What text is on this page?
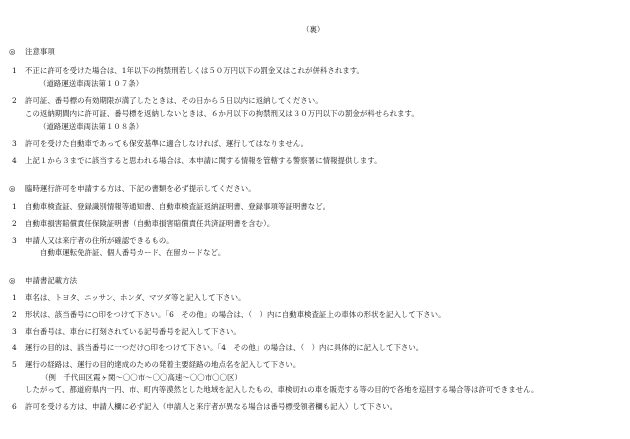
（裏）
◎ 注意事項
1 不正に許可を受けた場合は、1年以下の拘禁刑若しくは５０万円以下の罰金又はこれが併科されます。
（道路運送車両法第１０７条）
2 許可証、番号標の有効期限が満了したときは、その日から５日以内に返納してください。
この返納期間内に許可証、番号標を返納しないときは、６か月以下の拘禁刑又は３０万円以下の罰金が科せられます。
（道路運送車両法第１０８条）
3 許可を受けた自動車であっても保安基準に適合しなければ、運行してはなりません。
4 上記１から３までに該当すると思われる場合は、本申請に関する情報を管轄する警察署に情報提供します。
◎ 臨時運行許可を申請する方は、下記の書類を必ず提示してください。
1 自動車検査証、登録識別情報等通知書、自動車検査証返納証明書、登録事項等証明書など。
2 自動車損害賠償責任保険証明書（自動車損害賠償責任共済証明書を含む）。
3 申請人又は来庁者の住所が確認できるもの。
自動車運転免許証、個人番号カード、在留カードなど。
◎ 申請書記載方法
1 車名は、トヨタ、ニッサン、ホンダ、マツダ等と記入して下さい。
2 形状は、該当番号に○印をつけて下さい。「6　その他」の場合は、（　）内に自動車検査証上の車体の形状を記入して下さい。
3 車台番号は、車台に打刻されている記号番号を記入して下さい。
4 運行の目的は、該当番号に一つだけ○印をつけて下さい。「4　その他」の場合は、（　）内に具体的に記入して下さい。
5 運行の経路は、運行の目的達成のための発着主要経路の地点名を記入して下さい。
（例　千代田区霞ヶ関～〇〇市～〇〇高速～〇〇市〇〇区）
したがって、都道府県内一円、市、町内等漠然とした地域を記入したもの、車検切れの車を販売する等の目的で各地を巡回する場合等は許可できません。
6 許可を受ける方は、申請人欄に必ず記入（申請人と来庁者が異なる場合は番号標受領者欄も記入）して下さい。
